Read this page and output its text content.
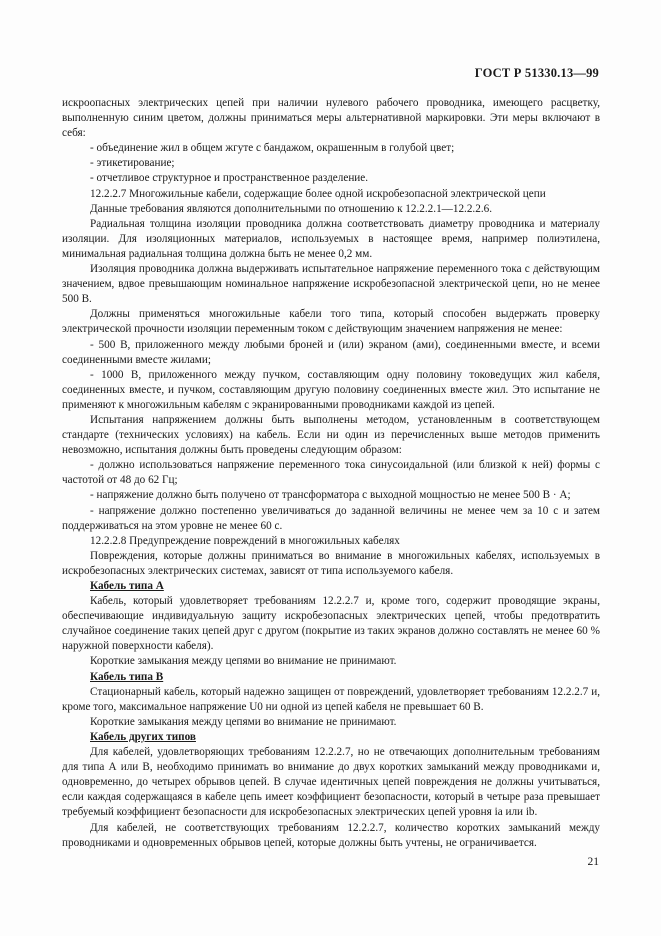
ГОСТ Р 51330.13—99

искроопасных электрических цепей при наличии нулевого рабочего проводника, имеющего расцветку, выполненную синим цветом, должны приниматься меры альтернативной маркировки. Эти меры включают в себя:

- объединение жил в общем жгуте с бандажом, окрашенным в голубой цвет;

- этикетирование;

- отчетливое структурное и пространственное разделение.

12.2.2.7 Многожильные кабели, содержащие более одной искробезопасной электрической цепи

Данные требования являются дополнительными по отношению к 12.2.2.1—12.2.2.6.

Радиальная толщина изоляции проводника должна соответствовать диаметру проводника и материалу изоляции. Для изоляционных материалов, используемых в настоящее время, например полиэтилена, минимальная радиальная толщина должна быть не менее 0,2 мм.

Изоляция проводника должна выдерживать испытательное напряжение переменного тока с действующим значением, вдвое превышающим номинальное напряжение искробезопасной электрической цепи, но не менее 500 В.

Должны применяться многожильные кабели того типа, который способен выдержать проверку электрической прочности изоляции переменным током с действующим значением напряжения не менее:

- 500 В, приложенного между любыми броней и (или) экраном (ами), соединенными вместе, и всеми соединенными вместе жилами;

- 1000 В, приложенного между пучком, составляющим одну половину токоведущих жил кабеля, соединенных вместе, и пучком, составляющим другую половину соединенных вместе жил. Это испытание не применяют к многожильным кабелям с экранированными проводниками каждой из цепей.

Испытания напряжением должны быть выполнены методом, установленным в соответствующем стандарте (технических условиях) на кабель. Если ни один из перечисленных выше методов применить невозможно, испытания должны быть проведены следующим образом:

- должно использоваться напряжение переменного тока синусоидальной (или близкой к ней) формы с частотой от 48 до 62 Гц;

- напряжение должно быть получено от трансформатора с выходной мощностью не менее 500 В · А;

- напряжение должно постепенно увеличиваться до заданной величины не менее чем за 10 с и затем поддерживаться на этом уровне не менее 60 с.

12.2.2.8 Предупреждение повреждений в многожильных кабелях

Повреждения, которые должны приниматься во внимание в многожильных кабелях, используемых в искробезопасных электрических системах, зависят от типа используемого кабеля.

Кабель типа А

Кабель, который удовлетворяет требованиям 12.2.2.7 и, кроме того, содержит проводящие экраны, обеспечивающие индивидуальную защиту искробезопасных электрических цепей, чтобы предотвратить случайное соединение таких цепей друг с другом (покрытие из таких экранов должно составлять не менее 60 % наружной поверхности кабеля).

Короткие замыкания между цепями во внимание не принимают.

Кабель типа В

Стационарный кабель, который надежно защищен от повреждений, удовлетворяет требованиям 12.2.2.7 и, кроме того, максимальное напряжение U0 ни одной из цепей кабеля не превышает 60 В.

Короткие замыкания между цепями во внимание не принимают.

Кабель других типов

Для кабелей, удовлетворяющих требованиям 12.2.2.7, но не отвечающих дополнительным требованиям для типа А или В, необходимо принимать во внимание до двух коротких замыканий между проводниками и, одновременно, до четырех обрывов цепей. В случае идентичных цепей повреждения не должны учитываться, если каждая содержащаяся в кабеле цепь имеет коэффициент безопасности, который в четыре раза превышает требуемый коэффициент безопасности для искробезопасных электрических цепей уровня ia или ib.

Для кабелей, не соответствующих требованиям 12.2.2.7, количество коротких замыканий между проводниками и одновременных обрывов цепей, которые должны быть учтены, не ограничивается.

21
